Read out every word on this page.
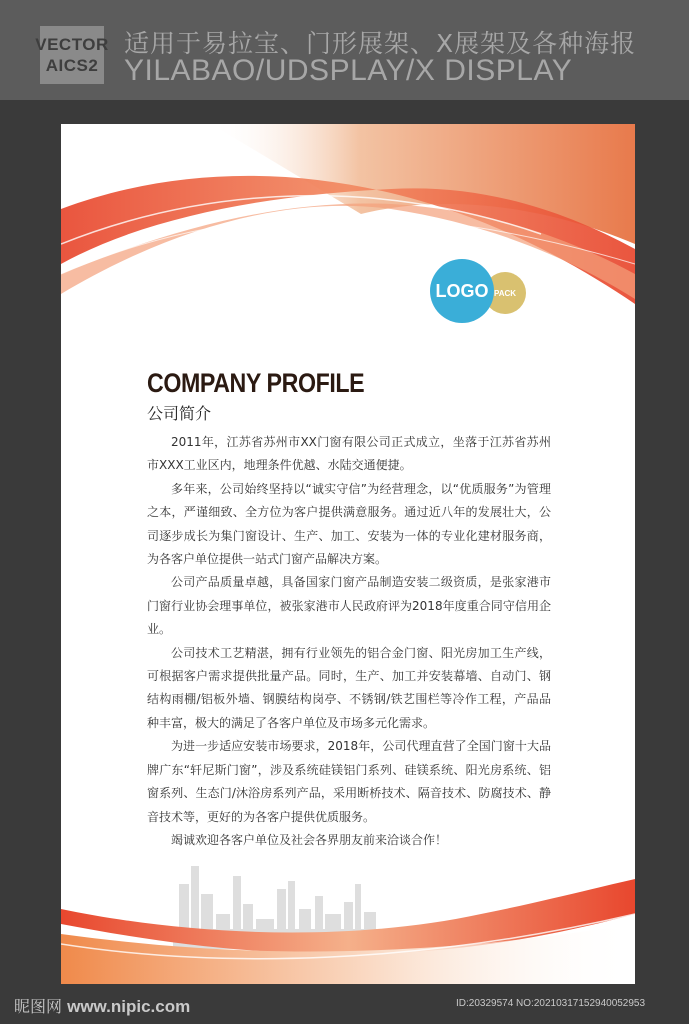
VECTOR
AICS2
适用于易拉宝、门形展架、X展架及各种海报
YILABAO/UDSPLAY/X DISPLAY
LOGO PACK
COMPANY PROFILE
公司简介

2011年，江苏省苏州市XX门窗有限公司正式成立，坐落于江苏省苏州市XXX工业区内，地理条件优越、水陆交通便捷。

多年来，公司始终坚持以“诚实守信”为经营理念，以“优质服务”为管理之本，严谨细致、全方位为客户提供满意服务。通过近八年的发展壮大，公司逐步成长为集门窗设计、生产、加工、安装为一体的专业化建材服务商，为各客户单位提供一站式门窗产品解决方案。

公司产品质量卓越，具备国家门窗产品制造安装二级资质，是张家港市门窗行业协会理事单位，被张家港市人民政府评为2018年度重合同守信用企业。

公司技术工艺精湛，拥有行业领先的铝合金门窗、阳光房加工生产线，可根据客户需求提供批量产品。同时，生产、加工并安装幕墙、自动门、钢结构雨棚/铝板外墙、钢膜结构岗亭、不锈钢/铁艺围栏等冷作工程，产品品种丰富，极大的满足了各客户单位及市场多元化需求。

为进一步适应安装市场要求，2018年，公司代理直营了全国门窗十大品牌广东“轩尼斯门窗”，涉及系统硅镁铝门系列、硅镁系统、阳光房系统、铝窗系列、生态门/沐浴房系列产品，采用断桥技术、隔音技术、防腐技术、静音技术等，更好的为各客户提供优质服务。

竭诚欢迎各客户单位及社会各界朋友前来洽谈合作！

昵图网 www.nipic.com	ID:20329574 NO:20210317152940052953
